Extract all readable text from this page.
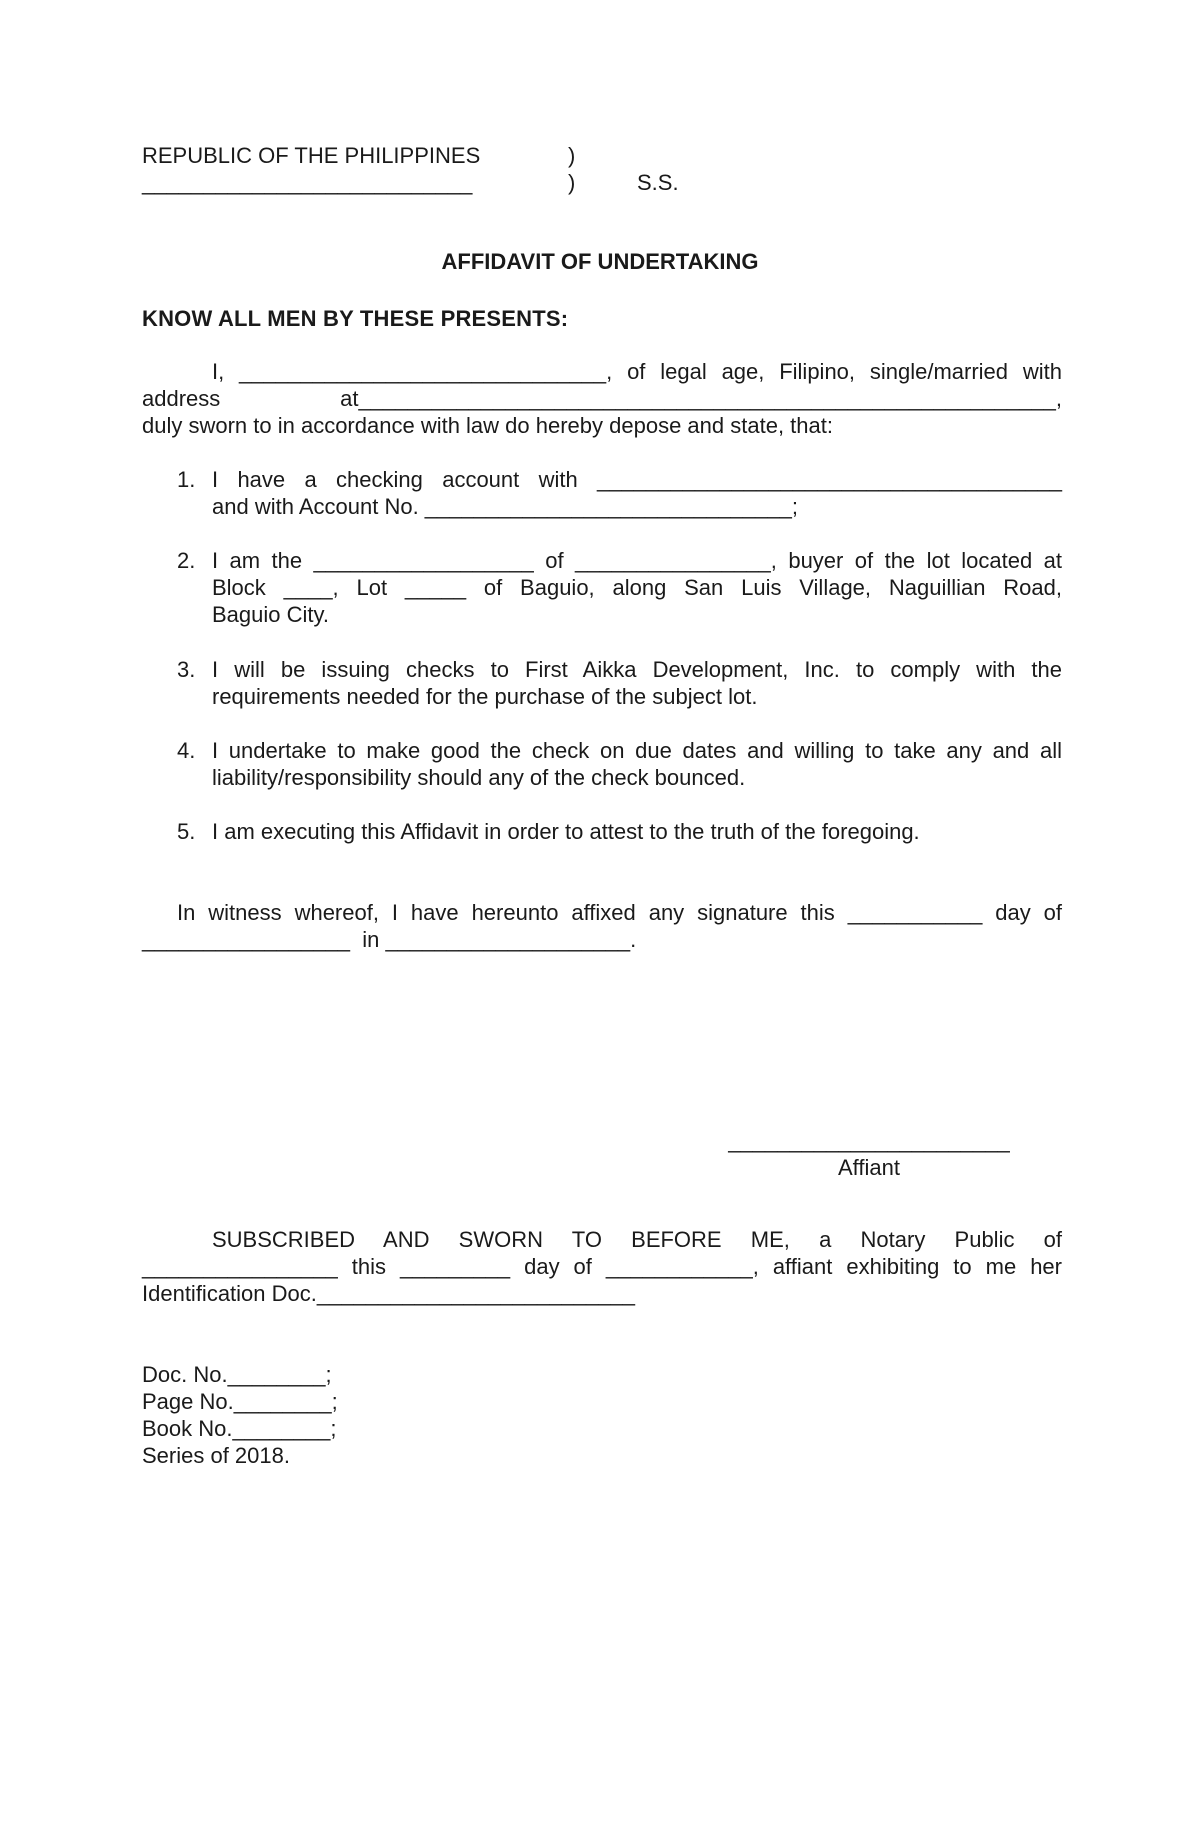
REPUBLIC OF THE PHILIPPINES	)
___________________________	)	S.S.
AFFIDAVIT OF UNDERTAKING
KNOW ALL MEN BY THESE PRESENTS:
I, ______________________________, of legal age, Filipino, single/married with
address    at _________________________________________________________,
duly sworn to in accordance with law do hereby depose and state, that:
1. I have a checking account with ______________________________________
and with Account No. ______________________________;
2. I am the __________________ of ________________, buyer of the lot located at
Block ____, Lot _____ of Baguio, along San Luis Village, Naguillian Road,
Baguio City.
3. I will be issuing checks to First Aikka Development, Inc. to comply with the
requirements needed for the purchase of the subject lot.
4. I undertake to make good the check on due dates and willing to take any and all
liability/responsibility should any of the check bounced.
5. I am executing this Affidavit in order to attest to the truth of the foregoing.
In witness whereof, I have hereunto affixed any signature this ___________ day of
_________________  in ____________________.
_______________________
Affiant
SUBSCRIBED AND SWORN TO BEFORE ME, a Notary Public of
________________ this _________ day of ____________, affiant exhibiting to me her
Identification Doc.__________________________
Doc. No.________;
Page No.________;
Book No.________;
Series of 2018.
